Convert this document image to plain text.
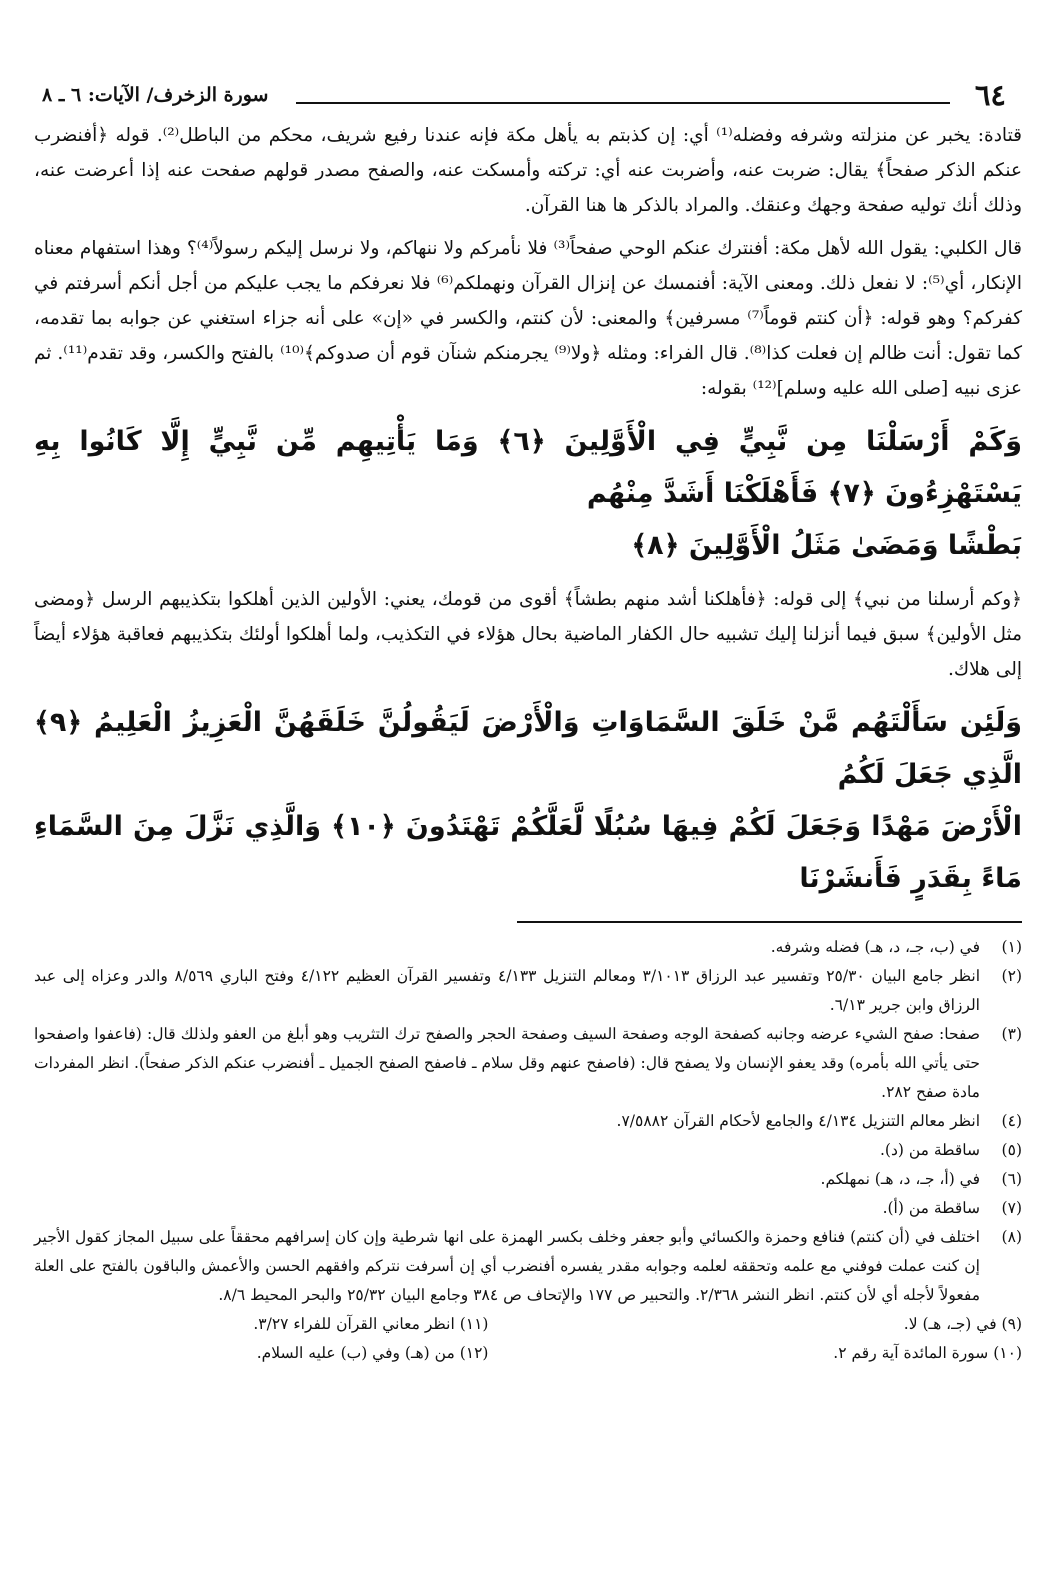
٦٤
سورة الزخرف/ الآيات: ٦ ـ ٨

قتادة: يخبر عن منزلته وشرفه وفضله⁽¹⁾ أي: إن كذبتم به يأهل مكة فإنه عندنا رفيع شريف، محكم من الباطل⁽²⁾. قوله ﴿أفنضرب عنكم الذكر صفحاً﴾ يقال: ضربت عنه، وأضربت عنه أي: تركته وأمسكت عنه، والصفح مصدر قولهم صفحت عنه إذا أعرضت عنه، وذلك أنك توليه صفحة وجهك وعنقك. والمراد بالذكر ها هنا القرآن.

قال الكلبي: يقول الله لأهل مكة: أفنترك عنكم الوحي صفحاً⁽³⁾ فلا نأمركم ولا ننهاكم، ولا نرسل إليكم رسولاً⁽⁴⁾؟ وهذا استفهام معناه الإنكار، أي⁽⁵⁾: لا نفعل ذلك. ومعنى الآية: أفنمسك عن إنزال القرآن ونهملكم⁽⁶⁾ فلا نعرفكم ما يجب عليكم من أجل أنكم أسرفتم في كفركم؟ وهو قوله: ﴿أن كنتم قوماً⁽⁷⁾ مسرفين﴾ والمعنى: لأن كنتم، والكسر في «إن» على أنه جزاء استغني عن جوابه بما تقدمه، كما تقول: أنت ظالم إن فعلت كذا⁽⁸⁾. قال الفراء: ومثله ﴿ولا⁽⁹⁾ يجرمنكم شنآن قوم أن صدوكم﴾⁽¹⁰⁾ بالفتح والكسر، وقد تقدم⁽¹¹⁾. ثم عزى نبيه [صلى الله عليه وسلم]⁽¹²⁾ بقوله:

وَكَمْ أَرْسَلْنَا مِن نَّبِيٍّ فِي الْأَوَّلِينَ ﴿٦﴾ وَمَا يَأْتِيهِم مِّن نَّبِيٍّ إِلَّا كَانُوا بِهِ يَسْتَهْزِءُونَ ﴿٧﴾ فَأَهْلَكْنَا أَشَدَّ مِنْهُم
بَطْشًا وَمَضَىٰ مَثَلُ الْأَوَّلِينَ ﴿٨﴾

﴿وكم أرسلنا من نبي﴾ إلى قوله: ﴿فأهلكنا أشد منهم بطشاً﴾ أقوى من قومك، يعني: الأولين الذين أهلكوا بتكذيبهم الرسل ﴿ومضى مثل الأولين﴾ سبق فيما أنزلنا إليك تشبيه حال الكفار الماضية بحال هؤلاء في التكذيب، ولما أهلكوا أولئك بتكذيبهم فعاقبة هؤلاء أيضاً إلى هلاك.

وَلَئِن سَأَلْتَهُم مَّنْ خَلَقَ السَّمَاوَاتِ وَالْأَرْضَ لَيَقُولُنَّ خَلَقَهُنَّ الْعَزِيزُ الْعَلِيمُ ﴿٩﴾ الَّذِي جَعَلَ لَكُمُ
الْأَرْضَ مَهْدًا وَجَعَلَ لَكُمْ فِيهَا سُبُلًا لَّعَلَّكُمْ تَهْتَدُونَ ﴿١٠﴾ وَالَّذِي نَزَّلَ مِنَ السَّمَاءِ مَاءً بِقَدَرٍ فَأَنشَرْنَا
(١)
في (ب، جـ، د، هـ) فضله وشرفه.
(٢)
انظر جامع البيان ٢٥/٣٠ وتفسير عبد الرزاق ٣/١٠١٣ ومعالم التنزيل ٤/١٣٣ وتفسير القرآن العظيم ٤/١٢٢ وفتح الباري ٨/٥٦٩ والدر وعزاه إلى عبد الرزاق وابن جرير ٦/١٣.
(٣)
صفحا: صفح الشيء عرضه وجانبه كصفحة الوجه وصفحة السيف وصفحة الحجر والصفح ترك التثريب وهو أبلغ من العفو ولذلك قال: (فاعفوا واصفحوا حتى يأتي الله بأمره) وقد يعفو الإنسان ولا يصفح قال: (فاصفح عنهم وقل سلام ـ فاصفح الصفح الجميل ـ أفنضرب عنكم الذكر صفحاً). انظر المفردات مادة صفح ٢٨٢.
(٤)
انظر معالم التنزيل ٤/١٣٤ والجامع لأحكام القرآن ٧/٥٨٨٢.
(٥)
ساقطة من (د).
(٦)
في (أ، جـ، د، هـ) نمهلكم.
(٧)
ساقطة من (أ).
(٨)
اختلف في (أن كنتم) فنافع وحمزة والكسائي وأبو جعفر وخلف بكسر الهمزة على انها شرطية وإن كان إسرافهم محققاً على سبيل المجاز كقول الأجير إن كنت عملت فوفني مع علمه وتحققه لعلمه وجوابه مقدر يفسره أفنضرب أي إن أسرفت نتركم وافقهم الحسن والأعمش والباقون بالفتح على العلة مفعولاً لأجله أي لأن كنتم. انظر النشر ٢/٣٦٨. والتحبير ص ١٧٧ والإتحاف ص ٣٨٤ وجامع البيان ٢٥/٣٢ والبحر المحيط ٨/٦.
(٩) في (جـ، هـ) لا.
(١١) انظر معاني القرآن للفراء ٣/٢٧.
(١٠) سورة المائدة آية رقم ٢.
(١٢) من (هـ) وفي (ب) عليه السلام.
